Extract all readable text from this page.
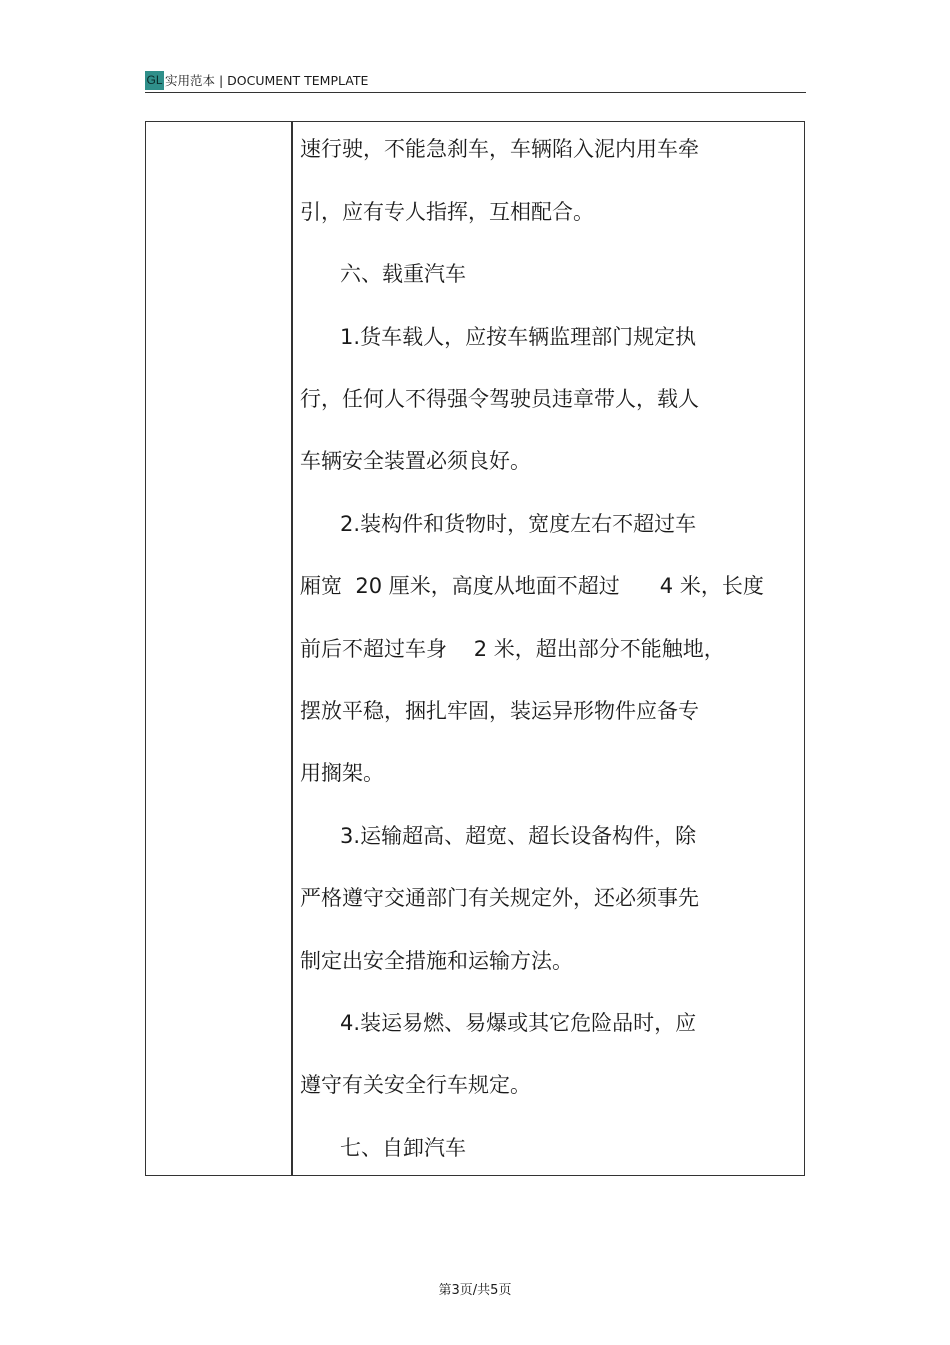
GL 实用范本 | DOCUMENT TEMPLATE
速行驶，不能急刹车，车辆陷入泥内用车牵
引，应有专人指挥，互相配合。
六、载重汽车
1.货车载人，应按车辆监理部门规定执
行，任何人不得强令驾驶员违章带人，载人
车辆安全装置必须良好。
2.装构件和货物时，宽度左右不超过车
厢宽  20 厘米，高度从地面不超过      4 米，长度
前后不超过车身    2 米，超出部分不能触地，
摆放平稳，捆扎牢固，装运异形物件应备专
用搁架。
3.运输超高、超宽、超长设备构件，除
严格遵守交通部门有关规定外，还必须事先
制定出安全措施和运输方法。
4.装运易燃、易爆或其它危险品时，应
遵守有关安全行车规定。
七、自卸汽车
第3页/共5页
